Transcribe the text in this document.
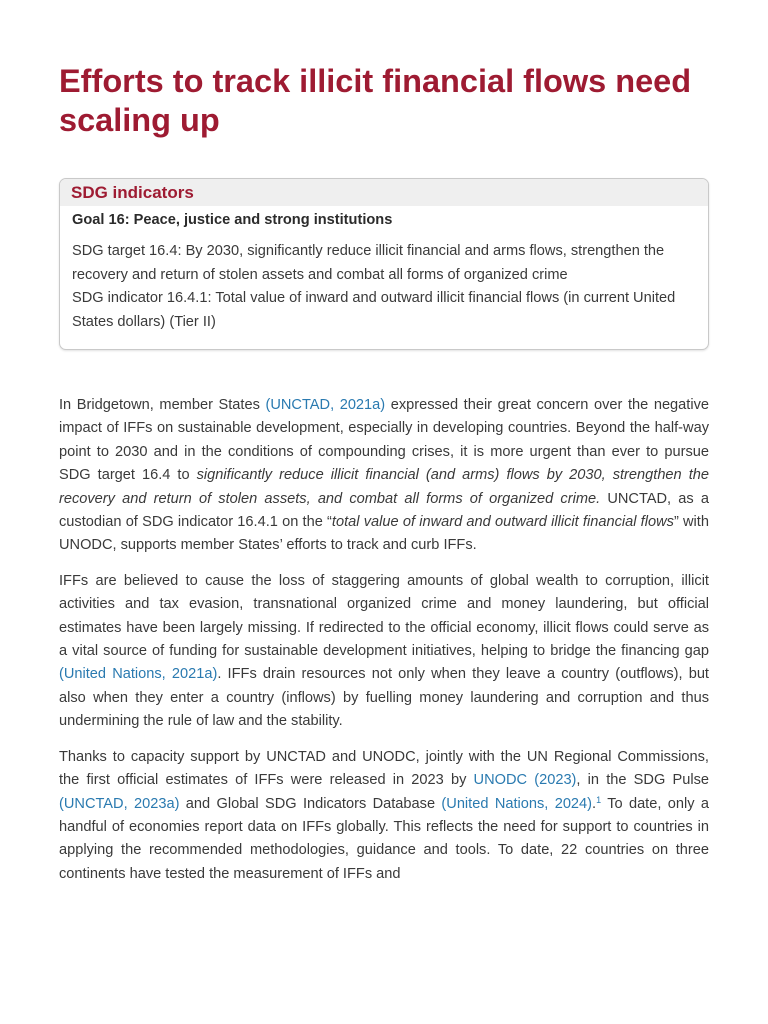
Efforts to track illicit financial flows need scaling up
SDG indicators
Goal 16: Peace, justice and strong institutions
SDG target 16.4: By 2030, significantly reduce illicit financial and arms flows, strengthen the recovery and return of stolen assets and combat all forms of organized crime
SDG indicator 16.4.1: Total value of inward and outward illicit financial flows (in current United States dollars) (Tier II)

In Bridgetown, member States (UNCTAD, 2021a) expressed their great concern over the negative impact of IFFs on sustainable development, especially in developing countries. Beyond the half-way point to 2030 and in the conditions of compounding crises, it is more urgent than ever to pursue SDG target 16.4 to significantly reduce illicit financial (and arms) flows by 2030, strengthen the recovery and return of stolen assets, and combat all forms of organized crime. UNCTAD, as a custodian of SDG indicator 16.4.1 on the “total value of inward and outward illicit financial flows” with UNODC, supports member States’ efforts to track and curb IFFs.

IFFs are believed to cause the loss of staggering amounts of global wealth to corruption, illicit activities and tax evasion, transnational organized crime and money laundering, but official estimates have been largely missing. If redirected to the official economy, illicit flows could serve as a vital source of funding for sustainable development initiatives, helping to bridge the financing gap (United Nations, 2021a). IFFs drain resources not only when they leave a country (outflows), but also when they enter a country (inflows) by fuelling money laundering and corruption and thus undermining the rule of law and the stability.

Thanks to capacity support by UNCTAD and UNODC, jointly with the UN Regional Commissions, the first official estimates of IFFs were released in 2023 by UNODC (2023), in the SDG Pulse (UNCTAD, 2023a) and Global SDG Indicators Database (United Nations, 2024).$^1$ To date, only a handful of economies report data on IFFs globally. This reflects the need for support to countries in applying the recommended methodologies, guidance and tools. To date, 22 countries on three continents have tested the measurement of IFFs and
